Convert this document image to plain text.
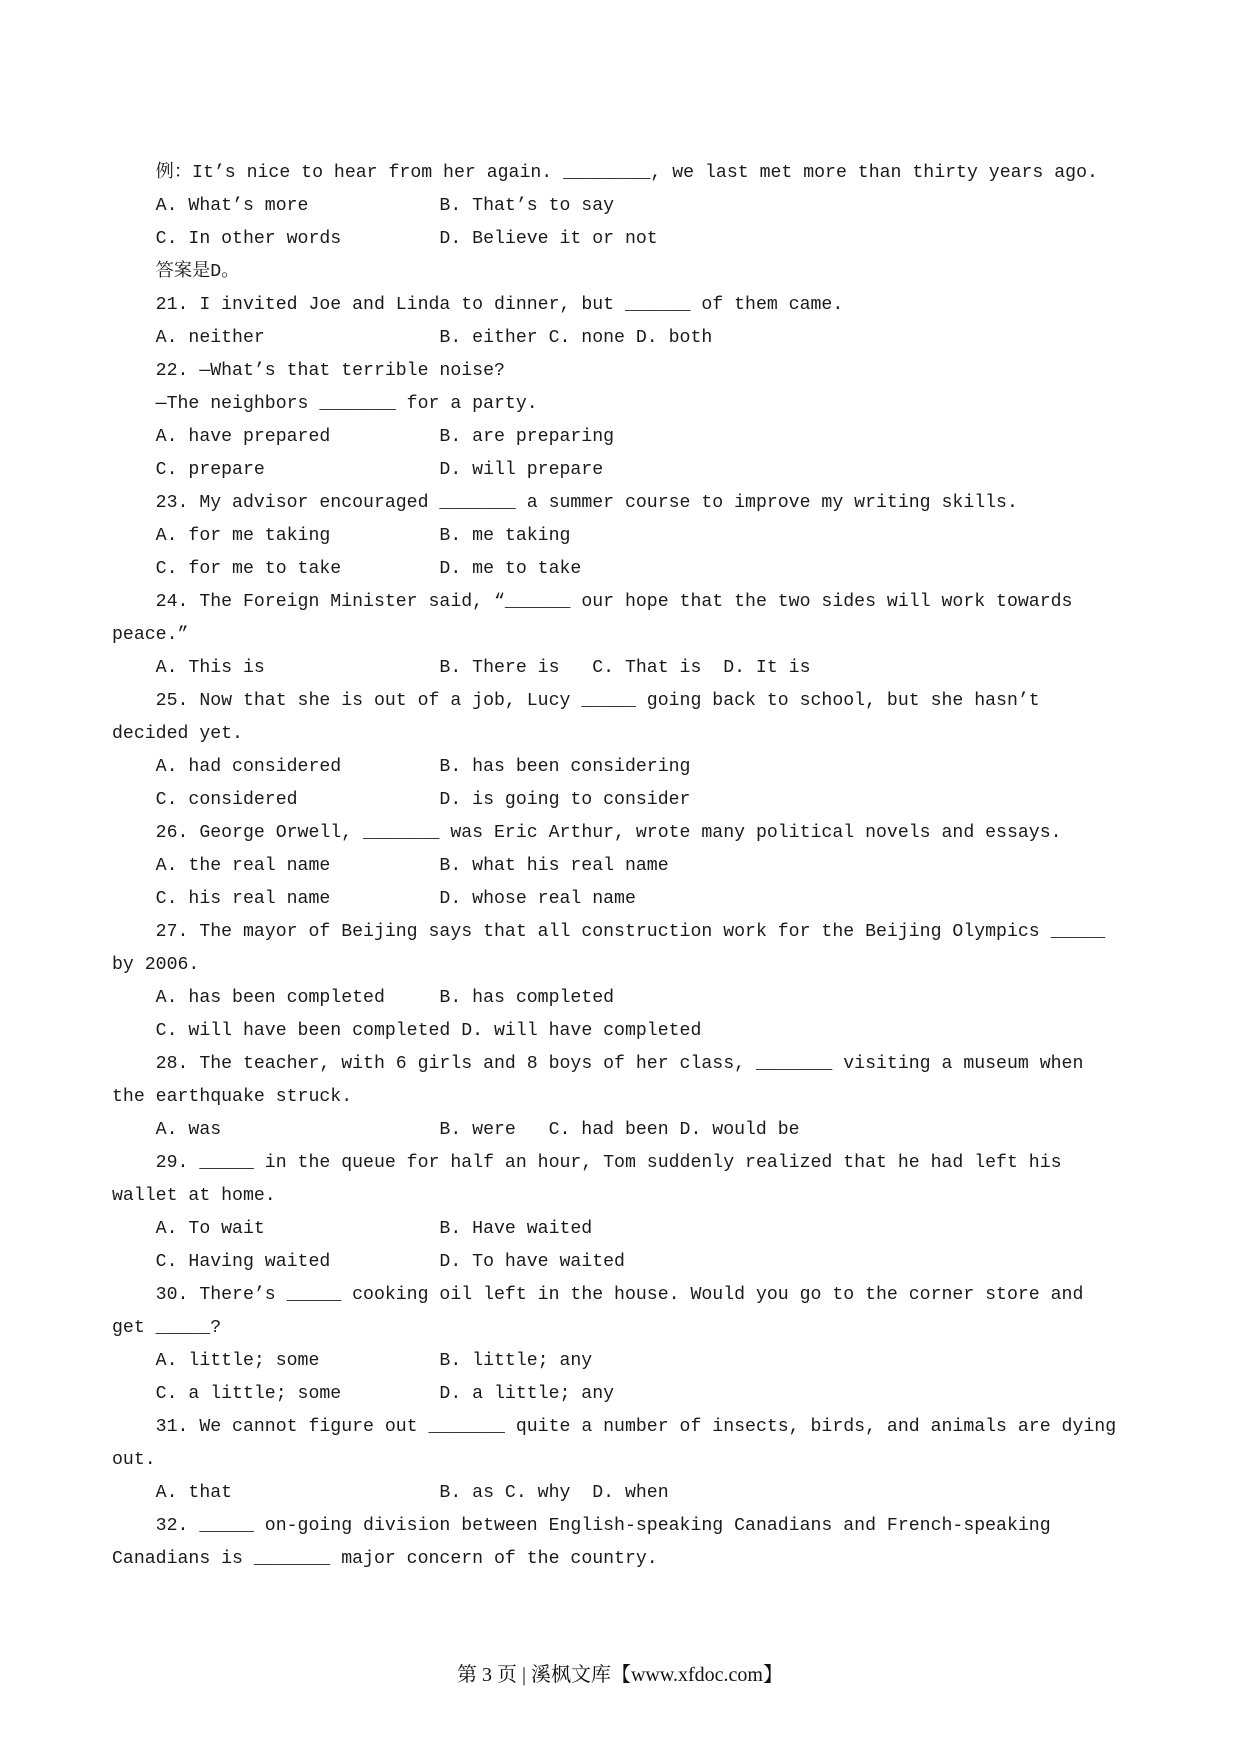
例：It’s nice to hear from her again. ________, we last met more than thirty years ago.
A. What’s more	B. That’s to say
C. In other words	D. Believe it or not
答案是D。
21. I invited Joe and Linda to dinner, but ______ of them came.
A. neither	B. either C. none D. both
22. —What’s that terrible noise?
—The neighbors _______ for a party.
A. have prepared	B. are preparing
C. prepare	D. will prepare
23. My advisor encouraged _______ a summer course to improve my writing skills.
A. for me taking	B. me taking
C. for me to take	D. me to take
24. The Foreign Minister said, “______ our hope that the two sides will work towards
peace.”
A. This is	B. There is   C. That is  D. It is
25. Now that she is out of a job, Lucy _____ going back to school, but she hasn’t
decided yet.
A. had considered	B. has been considering
C. considered	D. is going to consider
26. George Orwell, _______ was Eric Arthur, wrote many political novels and essays.
A. the real name	B. what his real name
C. his real name	D. whose real name
27. The mayor of Beijing says that all construction work for the Beijing Olympics _____
by 2006.
A. has been completed	B. has completed
C. will have been completed D. will have completed
28. The teacher, with 6 girls and 8 boys of her class, _______ visiting a museum when
the earthquake struck.
A. was	B. were   C. had been D. would be
29. _____ in the queue for half an hour, Tom suddenly realized that he had left his
wallet at home.
A. To wait	B. Have waited
C. Having waited	D. To have waited
30. There’s _____ cooking oil left in the house. Would you go to the corner store and
get _____?
A. little; some	B. little; any
C. a little; some	D. a little; any
31. We cannot figure out _______ quite a number of insects, birds, and animals are dying
out.
A. that	B. as C. why  D. when
32. _____ on-going division between English-speaking Canadians and French-speaking
Canadians is _______ major concern of the country.
第 3 页 | 溪枫文库【www.xfdoc.com】
